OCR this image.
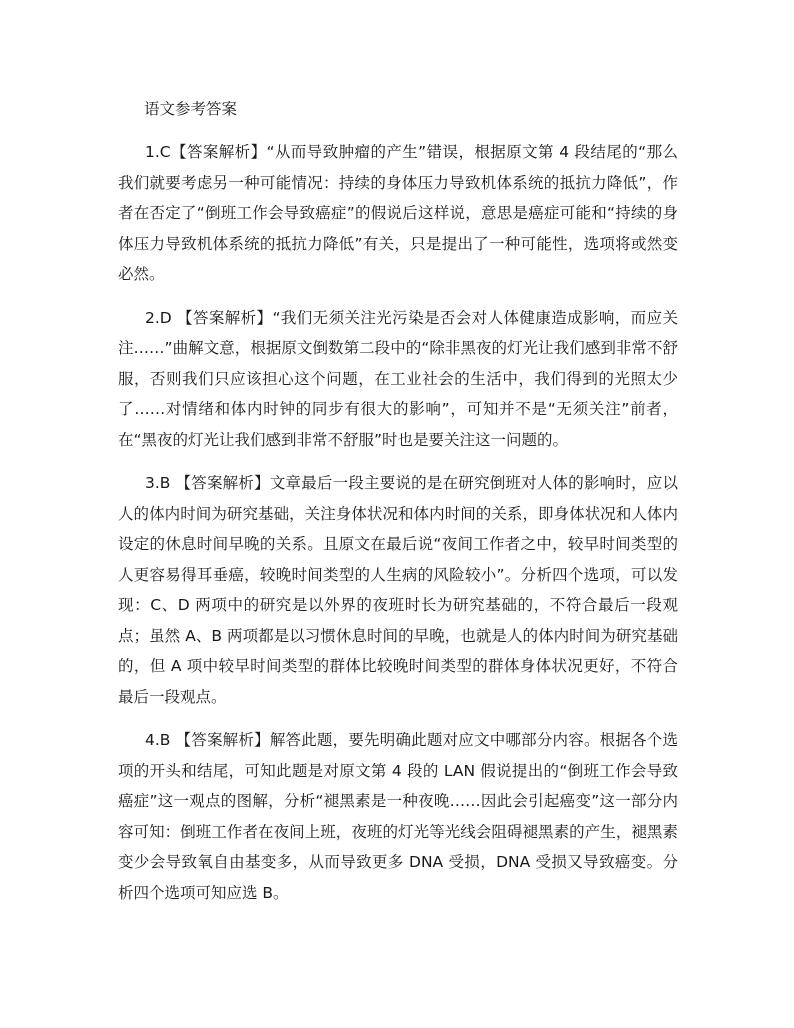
语文参考答案

1.C【答案解析】“从而导致肿瘤的产生”错误，根据原文第 4 段结尾的“那么我们就要考虑另一种可能情况：持续的身体压力导致机体系统的抵抗力降低”，作者在否定了“倒班工作会导致癌症”的假说后这样说，意思是癌症可能和“持续的身体压力导致机体系统的抵抗力降低”有关，只是提出了一种可能性，选项将或然变必然。

2.D 【答案解析】“我们无须关注光污染是否会对人体健康造成影响，而应关注……”曲解文意，根据原文倒数第二段中的“除非黑夜的灯光让我们感到非常不舒服，否则我们只应该担心这个问题，在工业社会的生活中，我们得到的光照太少了……对情绪和体内时钟的同步有很大的影响”，可知并不是“无须关注”前者，在“黑夜的灯光让我们感到非常不舒服”时也是要关注这一问题的。

3.B 【答案解析】文章最后一段主要说的是在研究倒班对人体的影响时，应以人的体内时间为研究基础，关注身体状况和体内时间的关系，即身体状况和人体内设定的休息时间早晚的关系。且原文在最后说“夜间工作者之中，较早时间类型的人更容易得耳垂癌，较晚时间类型的人生病的风险较小”。分析四个选项，可以发现：C、D 两项中的研究是以外界的夜班时长为研究基础的，不符合最后一段观点；虽然 A、B 两项都是以习惯休息时间的早晚，也就是人的体内时间为研究基础的，但 A 项中较早时间类型的群体比较晚时间类型的群体身体状况更好，不符合最后一段观点。

4.B 【答案解析】解答此题，要先明确此题对应文中哪部分内容。根据各个选项的开头和结尾，可知此题是对原文第 4 段的 LAN 假说提出的“倒班工作会导致癌症”这一观点的图解，分析“褪黑素是一种夜晚……因此会引起癌变”这一部分内容可知：倒班工作者在夜间上班，夜班的灯光等光线会阻碍褪黑素的产生，褪黑素变少会导致氧自由基变多，从而导致更多 DNA 受损，DNA 受损又导致癌变。分析四个选项可知应选 B。
